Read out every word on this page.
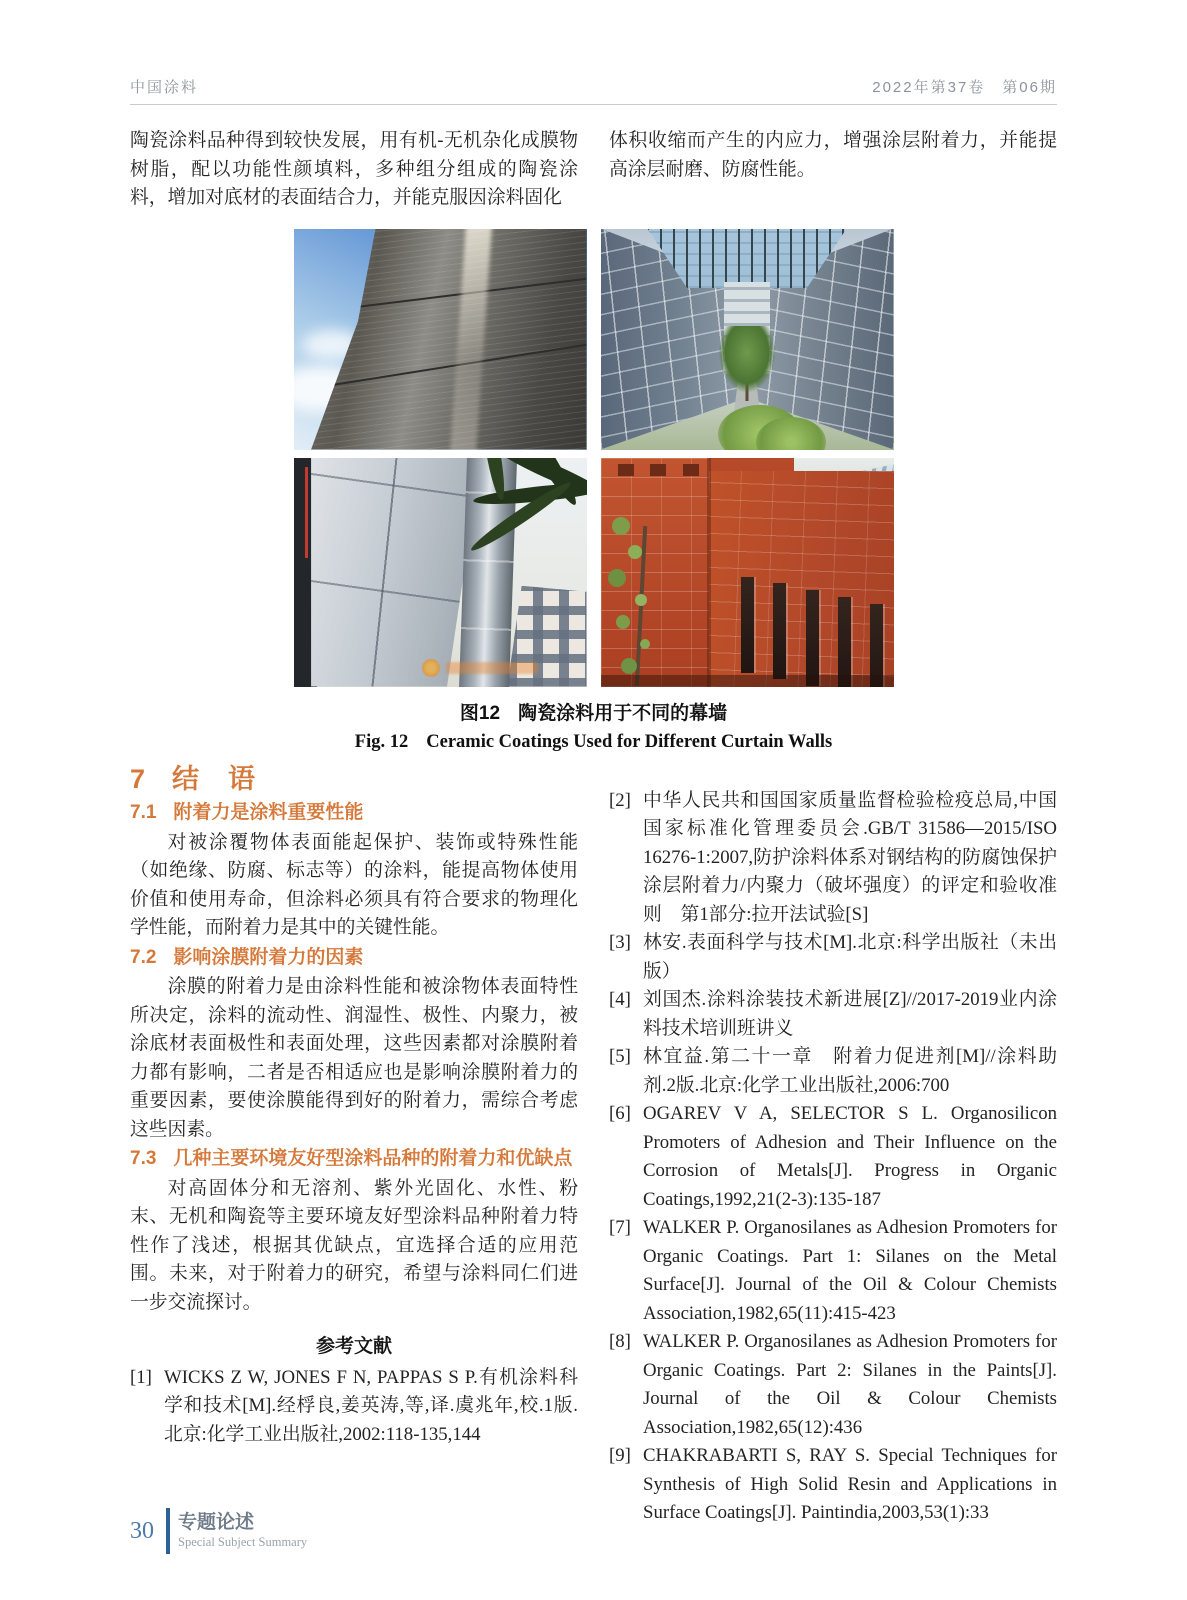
中国涂料	2022年第37卷　第06期

陶瓷涂料品种得到较快发展，用有机-无机杂化成膜物树脂，配以功能性颜填料，多种组分组成的陶瓷涂料，增加对底材的表面结合力，并能克服因涂料固化

体积收缩而产生的内应力，增强涂层附着力，并能提高涂层耐磨、防腐性能。

图12 陶瓷涂料用于不同的幕墙
Fig. 12 Ceramic Coatings Used for Different Curtain Walls
7 结　语
7.1 附着力是涂料重要性能

对被涂覆物体表面能起保护、装饰或特殊性能（如绝缘、防腐、标志等）的涂料，能提高物体使用价值和使用寿命，但涂料必须具有符合要求的物理化学性能，而附着力是其中的关键性能。

7.2 影响涂膜附着力的因素

涂膜的附着力是由涂料性能和被涂物体表面特性所决定，涂料的流动性、润湿性、极性、内聚力，被涂底材表面极性和表面处理，这些因素都对涂膜附着力都有影响，二者是否相适应也是影响涂膜附着力的重要因素，要使涂膜能得到好的附着力，需综合考虑这些因素。

7.3 几种主要环境友好型涂料品种的附着力和优缺点

对高固体分和无溶剂、紫外光固化、水性、粉末、无机和陶瓷等主要环境友好型涂料品种附着力特性作了浅述，根据其优缺点，宜选择合适的应用范围。未来，对于附着力的研究，希望与涂料同仁们进一步交流探讨。

参考文献
[1] WICKS Z W, JONES F N, PAPPAS S P.有机涂料科学和技术[M].经桴良,姜英涛,等,译.虞兆年,校.1版.北京:化学工业出版社,2002:118-135,144
[2] 中华人民共和国国家质量监督检验检疫总局,中国国家标准化管理委员会.GB/T 31586—2015/ISO 16276-1:2007,防护涂料体系对钢结构的防腐蚀保护　涂层附着力/内聚力（破坏强度）的评定和验收准则　第1部分:拉开法试验[S]
[3] 林安.表面科学与技术[M].北京:科学出版社（未出版）
[4] 刘国杰.涂料涂装技术新进展[Z]//2017-2019业内涂料技术培训班讲义
[5] 林宜益.第二十一章　附着力促进剂[M]//涂料助剂.2版.北京:化学工业出版社,2006:700
[6] OGAREV V A, SELECTOR S L. Organosilicon Promoters of Adhesion and Their Influence on the Corrosion of Metals[J]. Progress in Organic Coatings,1992,21(2-3):135-187
[7] WALKER P. Organosilanes as Adhesion Promoters for Organic Coatings. Part 1: Silanes on the Metal Surface[J]. Journal of the Oil & Colour Chemists Association,1982,65(11):415-423
[8] WALKER P. Organosilanes as Adhesion Promoters for Organic Coatings. Part 2: Silanes in the Paints[J]. Journal of the Oil & Colour Chemists Association,1982,65(12):436
[9] CHAKRABARTI S, RAY S. Special Techniques for Synthesis of High Solid Resin and Applications in Surface Coatings[J]. Paintindia,2003,53(1):33
30 专题论述
Special Subject Summary
